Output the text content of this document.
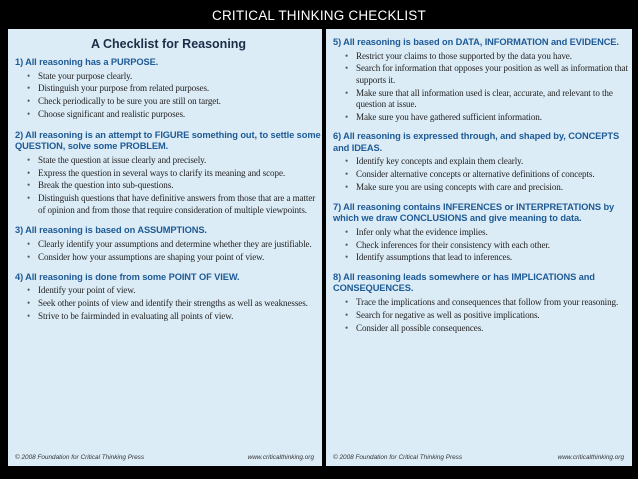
CRITICAL THINKING CHECKLIST
A Checklist for Reasoning
1) All reasoning has a PURPOSE.
• State your purpose clearly.
• Distinguish your purpose from related purposes.
• Check periodically to be sure you are still on target.
• Choose significant and realistic purposes.
2) All reasoning is an attempt to FIGURE something out, to settle some QUESTION, solve some PROBLEM.
• State the question at issue clearly and precisely.
• Express the question in several ways to clarify its meaning and scope.
• Break the question into sub-questions.
• Distinguish questions that have definitive answers from those that are a matter of opinion and from those that require consideration of multiple viewpoints.
3) All reasoning is based on ASSUMPTIONS.
• Clearly identify your assumptions and determine whether they are justifiable.
• Consider how your assumptions are shaping your point of view.
4) All reasoning is done from some POINT OF VIEW.
• Identify your point of view.
• Seek other points of view and identify their strengths as well as weaknesses.
• Strive to be fairminded in evaluating all points of view.
© 2008 Foundation for Critical Thinking Press	www.criticalthinking.org
5) All reasoning is based on DATA, INFORMATION and EVIDENCE.
• Restrict your claims to those supported by the data you have.
• Search for information that opposes your position as well as information that supports it.
• Make sure that all information used is clear, accurate, and relevant to the question at issue.
• Make sure you have gathered sufficient information.
6) All reasoning is expressed through, and shaped by, CONCEPTS and IDEAS.
• Identify key concepts and explain them clearly.
• Consider alternative concepts or alternative definitions of concepts.
• Make sure you are using concepts with care and precision.
7) All reasoning contains INFERENCES or INTERPRETATIONS by which we draw CONCLUSIONS and give meaning to data.
• Infer only what the evidence implies.
• Check inferences for their consistency with each other.
• Identify assumptions that lead to inferences.
8) All reasoning leads somewhere or has IMPLICATIONS and CONSEQUENCES.
• Trace the implications and consequences that follow from your reasoning.
• Search for negative as well as positive implications.
• Consider all possible consequences.
© 2008 Foundation for Critical Thinking Press	www.criticalthinking.org
